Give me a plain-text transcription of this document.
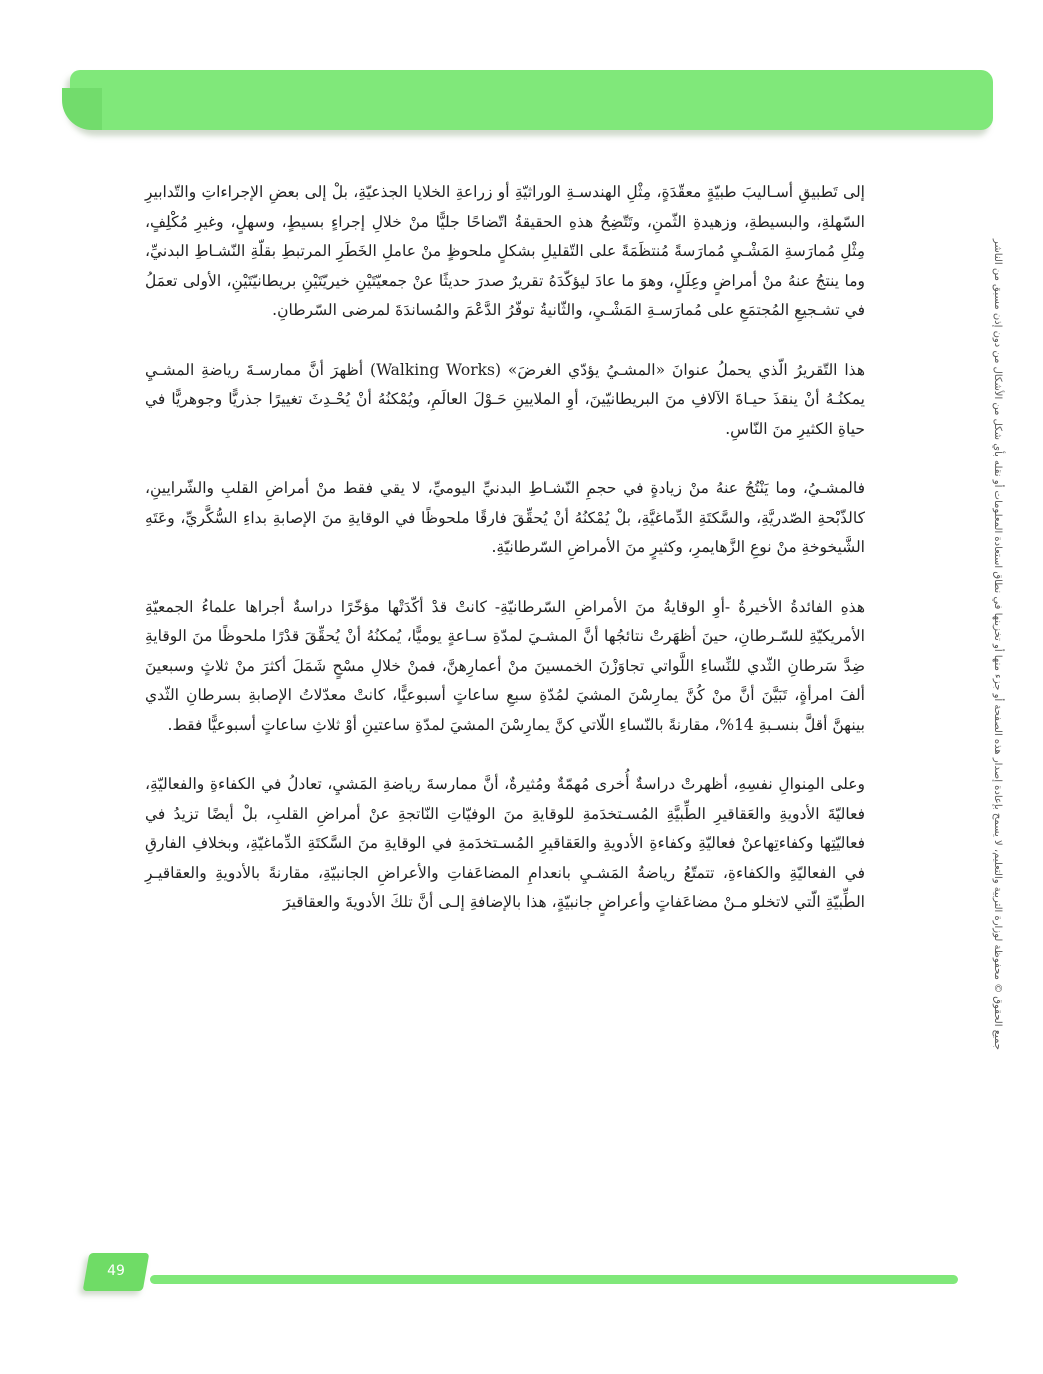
جميع الحقوق © محفوظة لوزارة التربية والتعليم، لا يسمح بإعادة إصدار هذه الصفحة أو جزء منها أو تخزينها في نطاق استعادة المعلومات أو نقله بأي شكل من الأشكال من دون إذن مسبق من الناشر

إلى تَطبيقِ أسـاليبَ طبيّةٍ معقّدَةٍ، مِثْلِ الهندسـةِ الوراثيّةِ أو زراعةِ الخلايا الجذعيّةِ، بلْ إلى بعضِ الإجراءاتِ والتّدابيرِ السّهلةِ، والبسيطةِ، وزهيدةِ الثّمنِ، وتَتّضِحُ هذهِ الحقيقةُ اتّضاحًا جليًّا منْ خلالِ إجراءٍ بسيطٍ، وسهلٍ، وغيرِ مُكْلِفٍ، مِثْلِ مُمارَسةِ المَشْـيِ مُمارَسةً مُنتظَمَةً على التّقليلِ بشكلٍ ملحوظٍ منْ عاملِ الخَطَرِ المرتبطِ بقلّةِ النّشـاطِ البدنيِّ، وما ينتجُ عنهُ منْ أمراضٍ وعِلَلٍ، وهوَ ما عادَ ليؤكّدَهُ تقريرٌ صدرَ حديثًا عنْ جمعيّتَيْنِ خيريّتَيْنِ بريطانيّتَيْنِ، الأولى تعمَلُ في تشـجيعِ المُجتمَعِ على مُمارَسـةِ المَشْـيِ، والثّانيةُ توفّرُ الدَّعْمَ والمُساندَةَ لمرضى السّرطانِ.

هذا التّقريرُ الّذي يحملُ عنوانَ «المشـيُ يؤدّي الغرضَ» (Walking Works) أظهرَ أنَّ ممارسـةَ رياضةِ المشـيِ يمكنُـهُ أنْ ينقذَ حيـاةَ الآلافِ منَ البريطانيّينَ، أوِ الملايينِ حَـوْلَ العالَمِ، ويُمْكنُهُ أنْ يُحْـدِثَ تغييرًا جذريًّا وجوهريًّا في حياةِ الكثيرِ منَ النّاسِ.

فالمشـيُ، وما يَنْتُجُ عنهُ منْ زيادةٍ في حجمِ النّشـاطِ البدنيِّ اليوميِّ، لا يقي فقط منْ أمراضِ القلبِ والشّرايينِ، كالذّبْحةِ الصّدريَّةِ، والسَّكتَةِ الدِّماغيَّةِ، بلْ يُمْكنُهُ أنْ يُحقِّقَ فارقًا ملحوظًا في الوقايةِ منَ الإصابةِ بداءِ السُّكَّريِّ، وعَتَهِ الشَّيخوخةِ منْ نوعِ الزَّهايمرِ، وكثيرٍ منَ الأمراضِ السّرطانيّةِ.

هذهِ الفائدةُ الأخيرةُ -أوِ الوقايةُ منَ الأمراضِ السّرطانيّةِ- كانتْ قدْ أكّدَتْها مؤخّرًا دراسةٌ أجراها علماءُ الجمعيّةِ الأمريكيّةِ للسّـرطانِ، حينَ أظهَرتْ نتائجُها أنَّ المشـيَ لمدّةِ سـاعةٍ يوميًّا، يُمكنُهُ أنْ يُحقِّقَ قدْرًا ملحوظًا منَ الوقايةِ ضِدَّ سَرطانِ الثّدي للنِّساءِ اللَّواتي تجاوَزْنَ الخمسينَ منْ أعمارِهنَّ، فمنْ خلالِ مسْحٍ شَمَلَ أكثرَ منْ ثلاثٍ وسبعينَ ألفَ امرأةٍ، تَبَيَّنَ أنَّ منْ كُنَّ يمارِسْنَ المشيَ لمُدّةِ سبعِ ساعاتٍ أسبوعيًّا، كانتْ معدّلاتُ الإصابةِ بسرطانِ الثّدي بينهنَّ أقلَّ بنسـبةِ 14%، مقارنةً بالنّساءِ اللّاتي كنَّ يمارِسْنَ المشيَ لمدّةِ ساعتينِ أوْ ثلاثِ ساعاتٍ أسبوعيًّا فقط.

وعلى المِنوالِ نفسِهِ، أظهرتْ دراسةٌ أُخرى مُهمّةٌ ومُثيرةٌ، أنَّ ممارسةَ رياضةِ المَشيِ، تعادلُ في الكفاءةِ والفعاليّةِ، فعاليّةَ الأدويةِ والعَقاقيرِ الطِّبيَّةِ المُسـتخدَمةِ للوقايةِ منَ الوفيّاتِ النّاتجةِ عنْ أمراضِ القلبِ، بلْ أيضًا تزيدُ في فعاليّتِها وكفاءتِهاعنْ فعاليّةِ وكفاءةِ الأدويةِ والعَقاقيرِ المُسـتخدَمةِ في الوقايةِ منَ السَّكتَةِ الدِّماغيّةِ، وبخلافِ الفارقِ في الفعاليّةِ والكفاءةِ، تتمتّعُ رياضةُ المَشـيِ بانعدامِ المضاعَفاتِ والأعراضِ الجانبيّةِ، مقارنةً بالأدويةِ والعقاقيـرِ الطِّبيّةِ الّتي لاتخلو مـنْ مضاعَفاتٍ وأعراضٍ جانبيّةٍ، هذا بالإضافةِ إلـى أنَّ تلكَ الأدويةَ والعقاقيرَ

49
